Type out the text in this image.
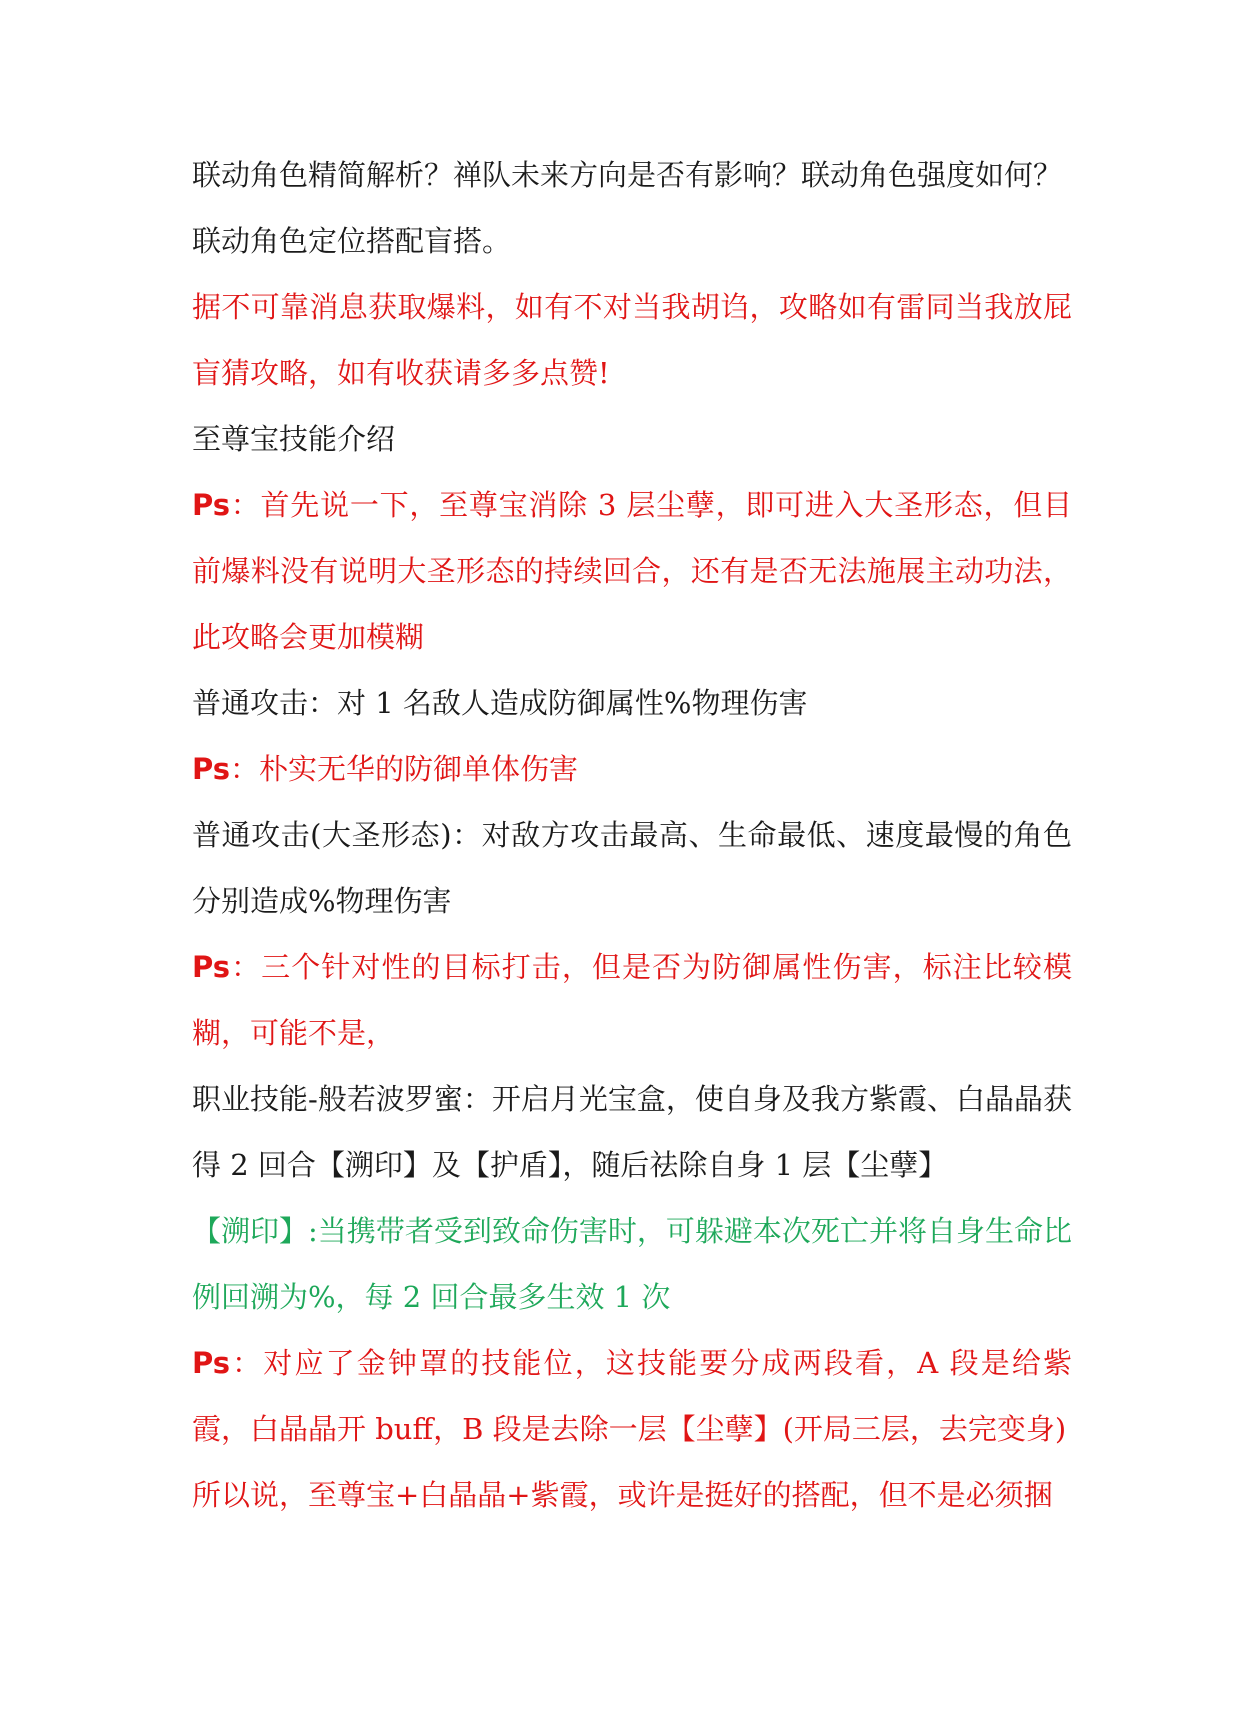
联动角色精简解析？禅队未来方向是否有影响？联动角色强度如何？

联动角色定位搭配盲搭。

据不可靠消息获取爆料，如有不对当我胡诌，攻略如有雷同当我放屁盲猜攻略，如有收获请多多点赞!

至尊宝技能介绍

Ps：首先说一下，至尊宝消除 3 层尘孽，即可进入大圣形态，但目前爆料没有说明大圣形态的持续回合，还有是否无法施展主动功法，此攻略会更加模糊

普通攻击：对 1 名敌人造成防御属性%物理伤害

Ps：朴实无华的防御单体伤害

普通攻击(大圣形态)：对敌方攻击最高、生命最低、速度最慢的角色分别造成%物理伤害

Ps：三个针对性的目标打击，但是否为防御属性伤害，标注比较模糊，可能不是，

职业技能-般若波罗蜜：开启月光宝盒，使自身及我方紫霞、白晶晶获得 2 回合【溯印】及【护盾】，随后祛除自身 1 层【尘孽】

【溯印】:当携带者受到致命伤害时，可躲避本次死亡并将自身生命比例回溯为%，每 2 回合最多生效 1 次

Ps：对应了金钟罩的技能位，这技能要分成两段看，A 段是给紫霞，白晶晶开 buff，B 段是去除一层【尘孽】(开局三层，去完变身)

所以说，至尊宝+白晶晶+紫霞，或许是挺好的搭配，但不是必须捆
